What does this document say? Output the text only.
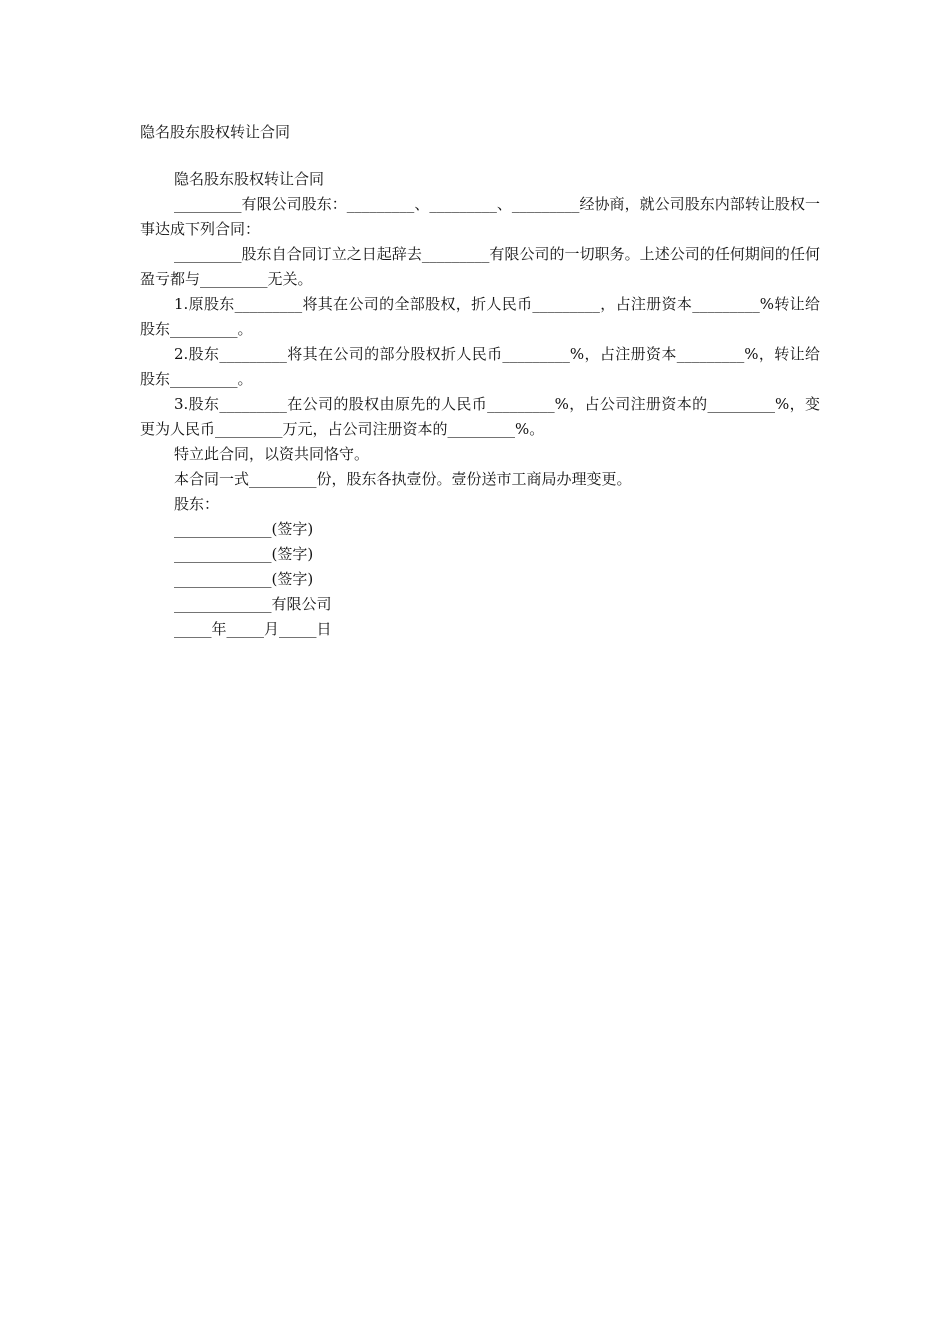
隐名股东股权转让合同

隐名股东股权转让合同

_________有限公司股东：_________、_________、_________经协商，就公司股东内部转让股权一事达成下列合同：

_________股东自合同订立之日起辞去_________有限公司的一切职务。上述公司的任何期间的任何盈亏都与_________无关。

1.原股东_________将其在公司的全部股权，折人民币_________，占注册资本_________%转让给股东_________。

2.股东_________将其在公司的部分股权折人民币_________%，占注册资本_________%，转让给股东_________。

3.股东_________在公司的股权由原先的人民币_________%，占公司注册资本的_________%，变更为人民币_________万元，占公司注册资本的_________%。

特立此合同，以资共同恪守。

本合同一式_________份，股东各执壹份。壹份送市工商局办理变更。

股东：

_____________(签字)

_____________(签字)

_____________(签字)

_____________有限公司

_____年_____月_____日
